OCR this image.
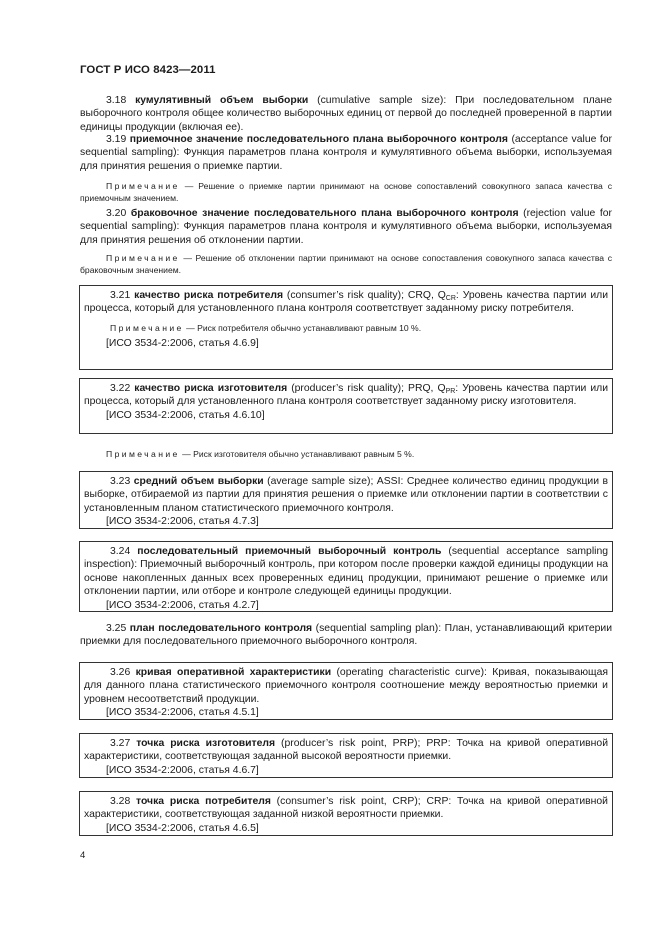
ГОСТ Р ИСО 8423—2011
3.18 кумулятивный объем выборки (cumulative sample size): При последовательном плане выборочного контроля общее количество выборочных единиц от первой до последней проверенной в партии единицы продукции (включая ее).
3.19 приемочное значение последовательного плана выборочного контроля (acceptance value for sequential sampling): Функция параметров плана контроля и кумулятивного объема выборки, используемая для принятия решения о приемке партии.
Примечание — Решение о приемке партии принимают на основе сопоставлений совокупного запаса качества с приемочным значением.
3.20 браковочное значение последовательного плана выборочного контроля (rejection value for sequential sampling): Функция параметров плана контроля и кумулятивного объема выборки, используемая для принятия решения об отклонении партии.
Примечание — Решение об отклонении партии принимают на основе сопоставления совокупного запаса качества с браковочным значением.
3.21 качество риска потребителя (consumer’s risk quality); CRQ, $Q_{CR}$: Уровень качества партии или процесса, который для установленного плана контроля соответствует заданному риску потребителя.
Примечание — Риск потребителя обычно устанавливают равным 10 %.
[ИСО 3534-2:2006, статья 4.6.9]
3.22 качество риска изготовителя (producer’s risk quality); PRQ, $Q_{PR}$: Уровень качества партии или процесса, который для установленного плана контроля соответствует заданному риску изготовителя.
[ИСО 3534-2:2006, статья 4.6.10]
Примечание — Риск изготовителя обычно устанавливают равным 5 %.
3.23 средний объем выборки (average sample size); ASSI: Среднее количество единиц продукции в выборке, отбираемой из партии для принятия решения о приемке или отклонении партии в соответствии с установленным планом статистического приемочного контроля.
[ИСО 3534-2:2006, статья 4.7.3]
3.24 последовательный приемочный выборочный контроль (sequential acceptance sampling inspection): Приемочный выборочный контроль, при котором после проверки каждой единицы продукции на основе накопленных данных всех проверенных единиц продукции, принимают решение о приемке или отклонении партии, или отборе и контроле следующей единицы продукции.
[ИСО 3534-2:2006, статья 4.2.7]
3.25 план последовательного контроля (sequential sampling plan): План, устанавливающий критерии приемки для последовательного приемочного выборочного контроля.
3.26 кривая оперативной характеристики (operating characteristic curve): Кривая, показывающая для данного плана статистического приемочного контроля соотношение между вероятностью приемки и уровнем несоответствий продукции.
[ИСО 3534-2:2006, статья 4.5.1]
3.27 точка риска изготовителя (producer’s risk point, PRP); PRP: Точка на кривой оперативной характеристики, соответствующая заданной высокой вероятности приемки.
[ИСО 3534-2:2006, статья 4.6.7]
3.28 точка риска потребителя (consumer’s risk point, CRP); CRP: Точка на кривой оперативной характеристики, соответствующая заданной низкой вероятности приемки.
[ИСО 3534-2:2006, статья 4.6.5]
4
